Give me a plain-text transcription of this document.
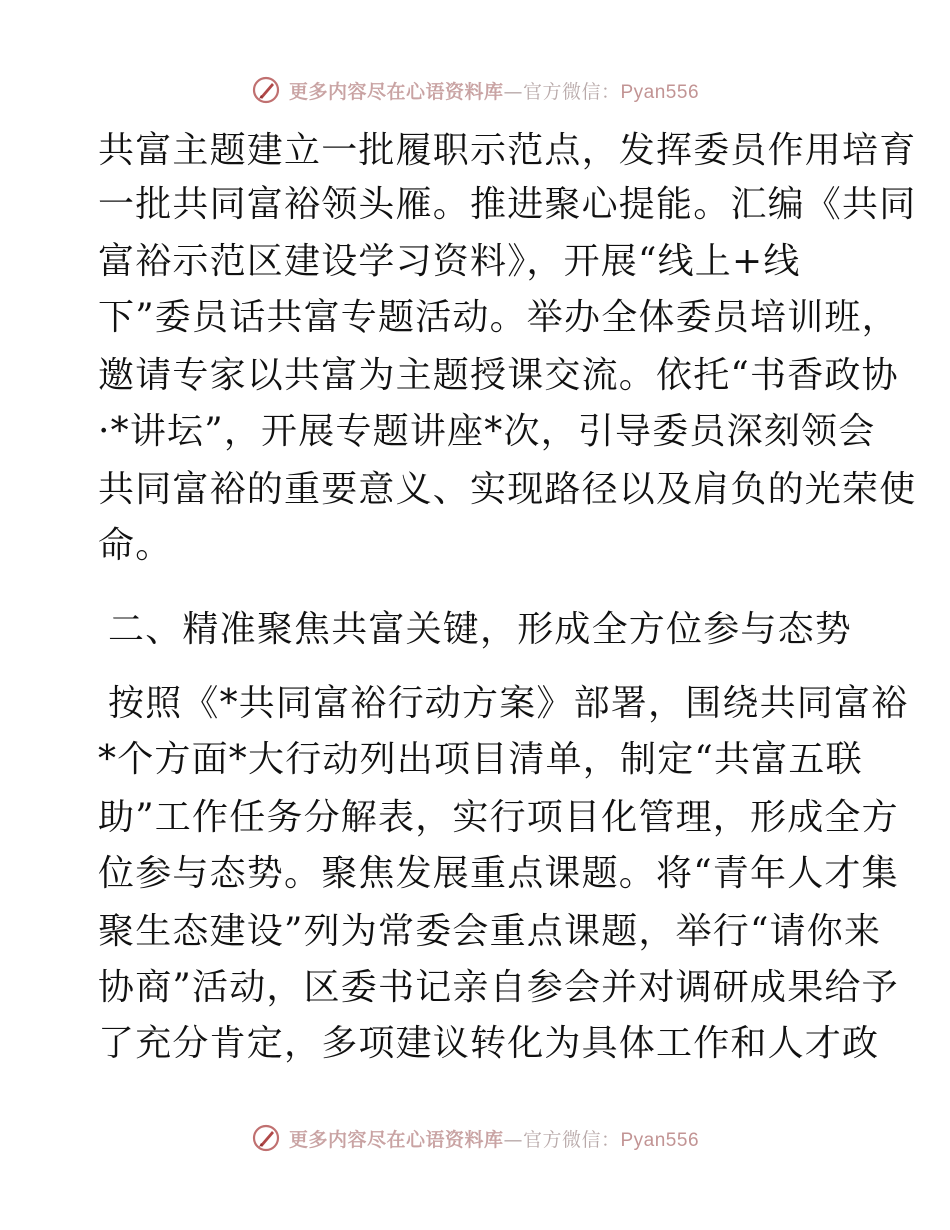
更多内容尽在心语资料库—官方微信：Pyan556
共富主题建立一批履职示范点，发挥委员作用培育
一批共同富裕领头雁。推进聚心提能。汇编《共同
富裕示范区建设学习资料》，开展“线上+线
下”委员话共富专题活动。举办全体委员培训班，
邀请专家以共富为主题授课交流。依托“书香政协
·*讲坛”，开展专题讲座*次，引导委员深刻领会
共同富裕的重要意义、实现路径以及肩负的光荣使
命。
二、精准聚焦共富关键，形成全方位参与态势
按照《*共同富裕行动方案》部署，围绕共同富裕
*个方面*大行动列出项目清单，制定“共富五联
助”工作任务分解表，实行项目化管理，形成全方
位参与态势。聚焦发展重点课题。将“青年人才集
聚生态建设”列为常委会重点课题，举行“请你来
协商”活动，区委书记亲自参会并对调研成果给予
了充分肯定，多项建议转化为具体工作和人才政
更多内容尽在心语资料库—官方微信：Pyan556
